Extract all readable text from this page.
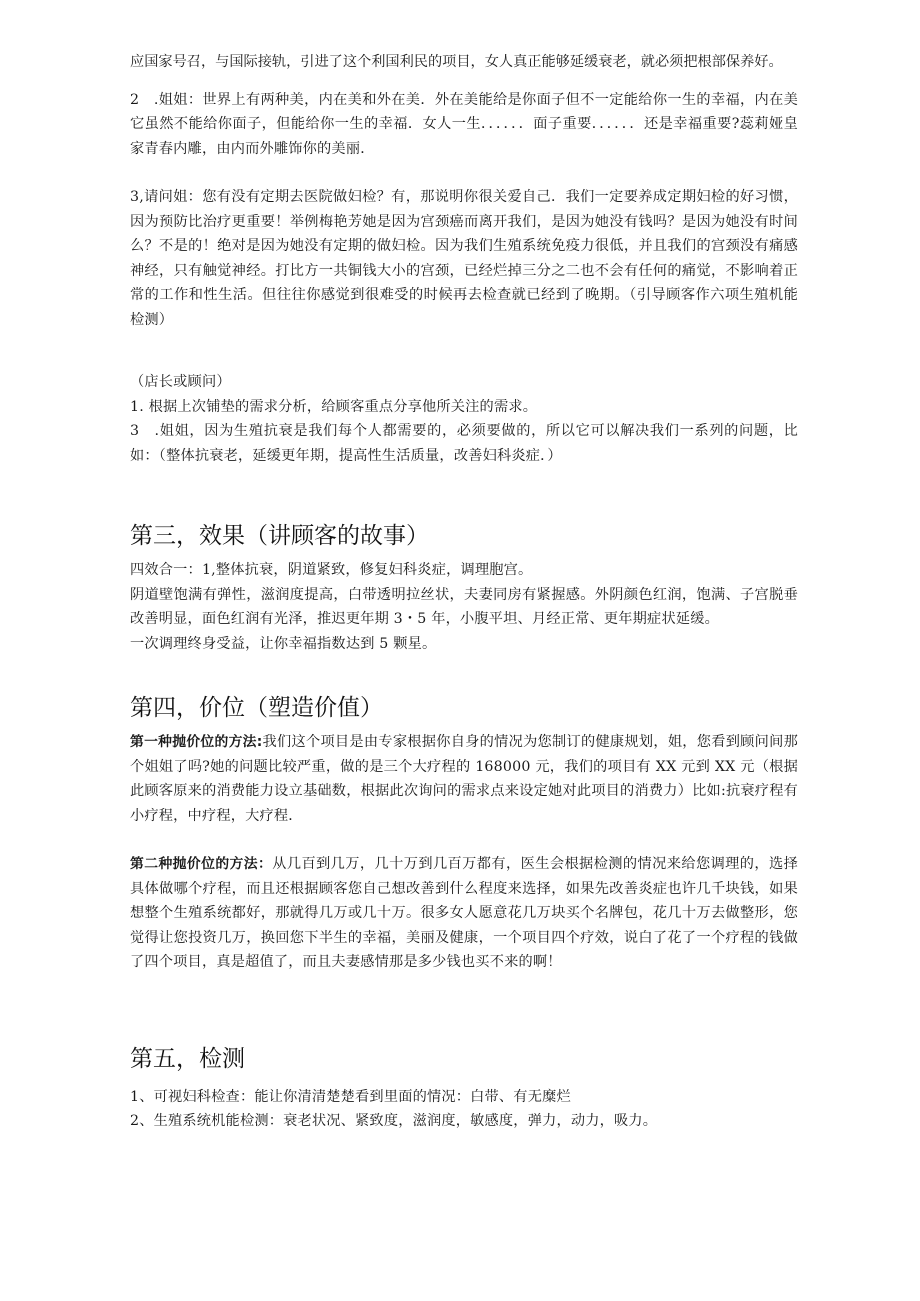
应国家号召，与国际接轨，引进了这个利国利民的项目，女人真正能够延缓衰老，就必须把根部保养好。

2　.姐姐：世界上有两种美，内在美和外在美．外在美能给是你面子但不一定能给你一生的幸福，内在美它虽然不能给你面子，但能给你一生的幸福．女人一生．．．．．．面子重要．．．．．．还是幸福重要?蕊莉娅皇家青春内雕，由内而外雕饰你的美丽．

3,请问姐：您有没有定期去医院做妇检？有，那说明你很关爱自己．我们一定要养成定期妇检的好习惯，因为预防比治疗更重要！举例梅艳芳她是因为宫颈癌而离开我们，是因为她没有钱吗？是因为她没有时间么？不是的！绝对是因为她没有定期的做妇检。因为我们生殖系统免疫力很低，并且我们的宫颈没有痛感神经，只有触觉神经。打比方一共铜钱大小的宫颈，已经烂掉三分之二也不会有任何的痛觉，不影响着正常的工作和性生活。但往往你感觉到很难受的时候再去检查就已经到了晚期。（引导顾客作六项生殖机能检测）

（店长或顾问）

1. 根据上次铺垫的需求分析，给顾客重点分享他所关注的需求。

3　.姐姐，因为生殖抗衰是我们每个人都需要的，必须要做的，所以它可以解决我们一系列的问题，比如：（整体抗衰老，延缓更年期，提高性生活质量，改善妇科炎症．）

第三，效果（讲顾客的故事）

四效合一：1,整体抗衰，阴道紧致，修复妇科炎症，调理胞宫。

阴道壁饱满有弹性，滋润度提高，白带透明拉丝状，夫妻同房有紧握感。外阴颜色红润，饱满、子宫脱垂改善明显，面色红润有光泽，推迟更年期 3・5 年，小腹平坦、月经正常、更年期症状延缓。

一次调理终身受益，让你幸福指数达到 5 颗星。

第四，价位（塑造价值）

第一种抛价位的方法:我们这个项目是由专家根据你自身的情况为您制订的健康规划，姐，您看到顾问间那个姐姐了吗?她的问题比较严重，做的是三个大疗程的 168000 元，我们的项目有 XX 元到 XX 元（根据此顾客原来的消费能力设立基础数，根据此次询问的需求点来设定她对此项目的消费力）比如:抗衰疗程有小疗程，中疗程，大疗程．

第二种抛价位的方法：从几百到几万，几十万到几百万都有，医生会根据检测的情况来给您调理的，选择具体做哪个疗程，而且还根据顾客您自己想改善到什么程度来选择，如果先改善炎症也许几千块钱，如果想整个生殖系统都好，那就得几万或几十万。很多女人愿意花几万块买个名牌包，花几十万去做整形，您觉得让您投资几万，换回您下半生的幸福，美丽及健康，一个项目四个疗效，说白了花了一个疗程的钱做了四个项目，真是超值了，而且夫妻感情那是多少钱也买不来的啊！

第五，检测

1、可视妇科检查：能让你清清楚楚看到里面的情况：白带、有无糜烂

2、生殖系统机能检测：衰老状况、紧致度，滋润度，敏感度，弹力，动力，吸力。
